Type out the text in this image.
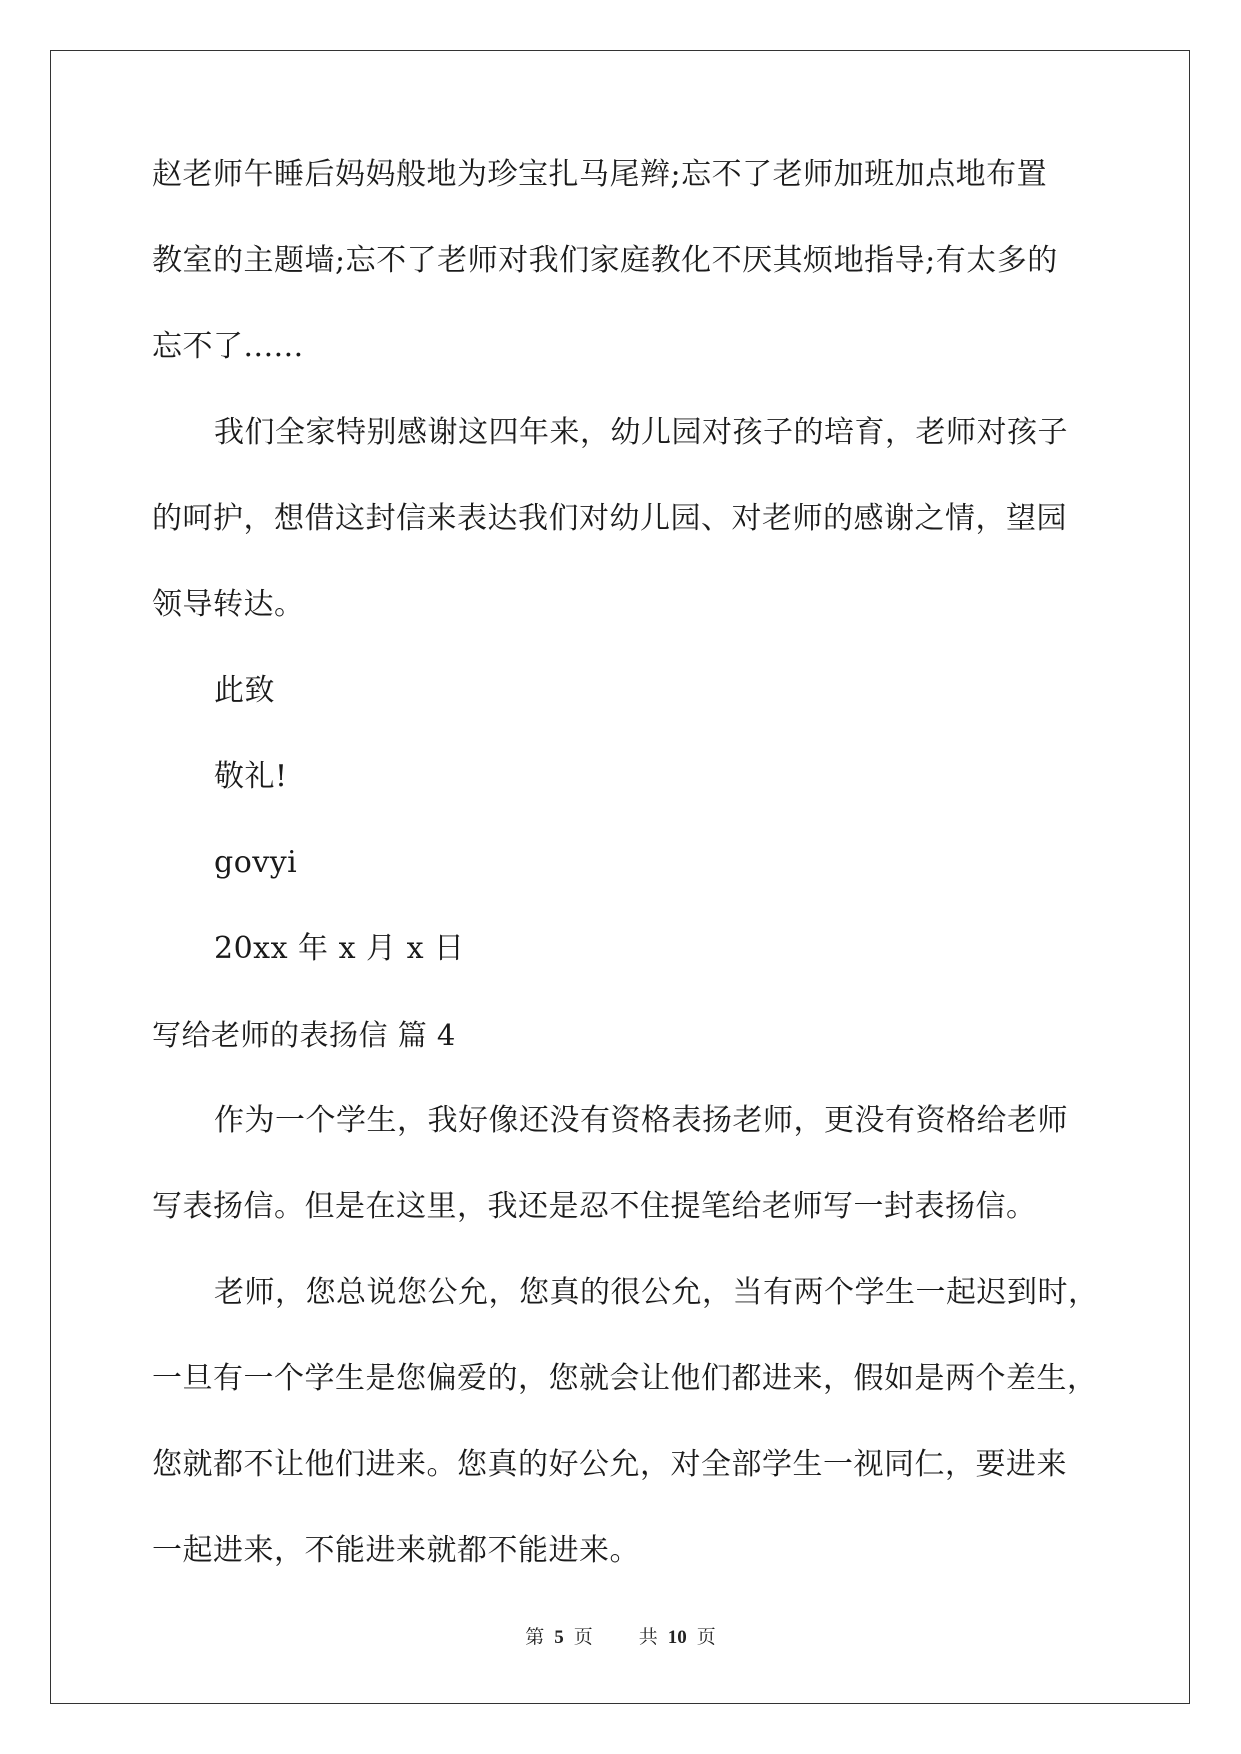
赵老师午睡后妈妈般地为珍宝扎马尾辫;忘不了老师加班加点地布置
教室的主题墙;忘不了老师对我们家庭教化不厌其烦地指导;有太多的
忘不了......
我们全家特别感谢这四年来，幼儿园对孩子的培育，老师对孩子
的呵护，想借这封信来表达我们对幼儿园、对老师的感谢之情，望园
领导转达。
此致
敬礼!
govyi
20xx 年 x 月 x 日
写给老师的表扬信 篇 4
作为一个学生，我好像还没有资格表扬老师，更没有资格给老师
写表扬信。但是在这里，我还是忍不住提笔给老师写一封表扬信。
老师，您总说您公允，您真的很公允，当有两个学生一起迟到时，
一旦有一个学生是您偏爱的，您就会让他们都进来，假如是两个差生，
您就都不让他们进来。您真的好公允，对全部学生一视同仁，要进来
一起进来，不能进来就都不能进来。
第 5 页 共 10 页
